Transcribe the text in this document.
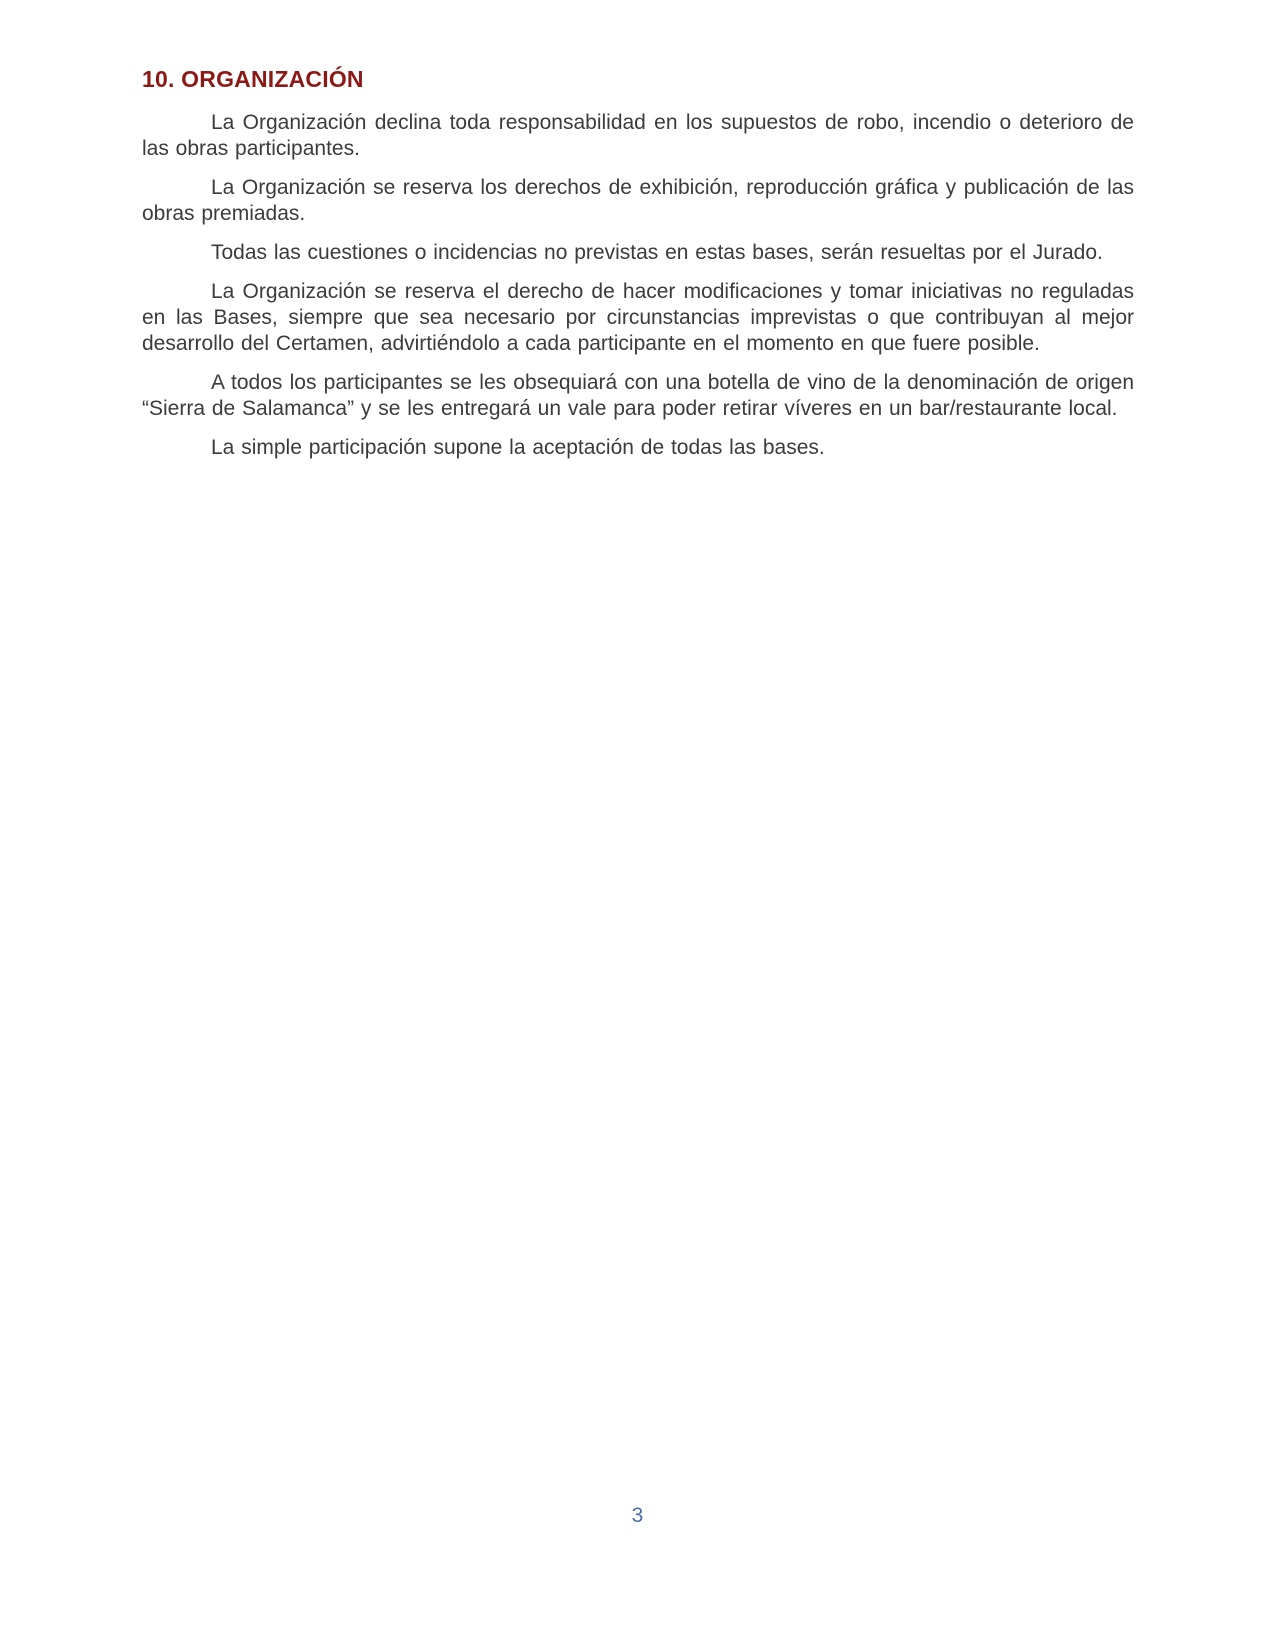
10. ORGANIZACIÓN

La Organización declina toda responsabilidad en los supuestos de robo, incendio o deterioro de las obras participantes.

La Organización se reserva los derechos de exhibición, reproducción gráfica y publicación de las obras premiadas.

Todas las cuestiones o incidencias no previstas en estas bases, serán resueltas por el Jurado.

La Organización se reserva el derecho de hacer modificaciones y tomar iniciativas no reguladas en las Bases, siempre que sea necesario por circunstancias imprevistas o que contribuyan al mejor desarrollo del Certamen, advirtiéndolo a cada participante en el momento en que fuere posible.

A todos los participantes se les obsequiará con una botella de vino de la denominación de origen “Sierra de Salamanca” y se les entregará un vale para poder retirar víveres en un bar/restaurante local.

La simple participación supone la aceptación de todas las bases.

3
